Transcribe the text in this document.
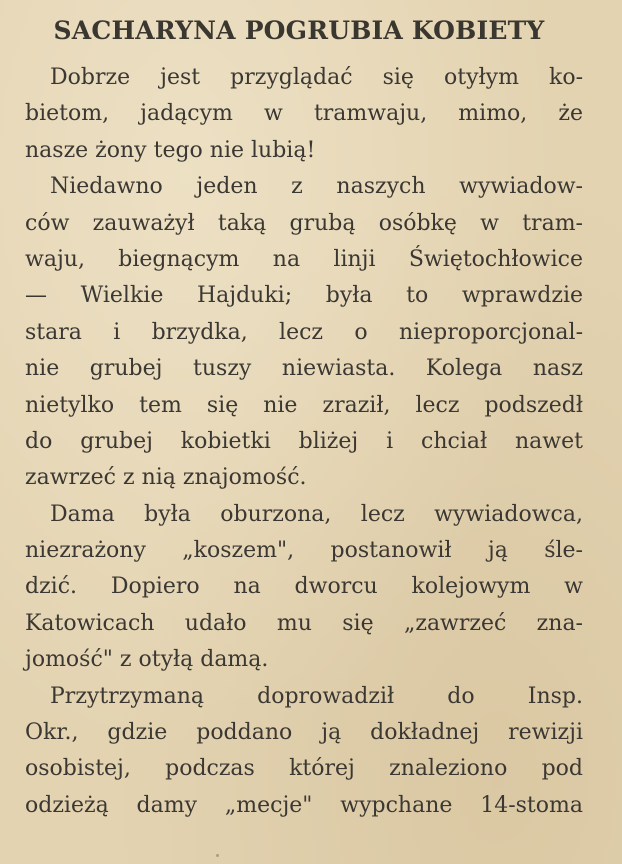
SACHARYNA POGRUBIA KOBIETY
Dobrze jest przyglądać się otyłym ko-
bietom, jadącym w tramwaju, mimo, że
nasze żony tego nie lubią!
Niedawno jeden z naszych wywiadow-
ców zauważył taką grubą osóbkę w tram-
waju, biegnącym na linji Świętochłowice
— Wielkie Hajduki; była to wprawdzie
stara i brzydka, lecz o nieproporcjonal-
nie grubej tuszy niewiasta. Kolega nasz
nietylko tem się nie zraził, lecz podszedł
do grubej kobietki bliżej i chciał nawet
zawrzeć z nią znajomość.
Dama była oburzona, lecz wywiadowca,
niezrażony „koszem", postanowił ją śle-
dzić. Dopiero na dworcu kolejowym w
Katowicach udało mu się „zawrzeć zna-
jomość" z otyłą damą.
Przytrzymaną doprowadził do Insp.
Okr., gdzie poddano ją dokładnej rewizji
osobistej, podczas której znaleziono pod
odzieżą damy „mecje" wypchane 14-stoma
